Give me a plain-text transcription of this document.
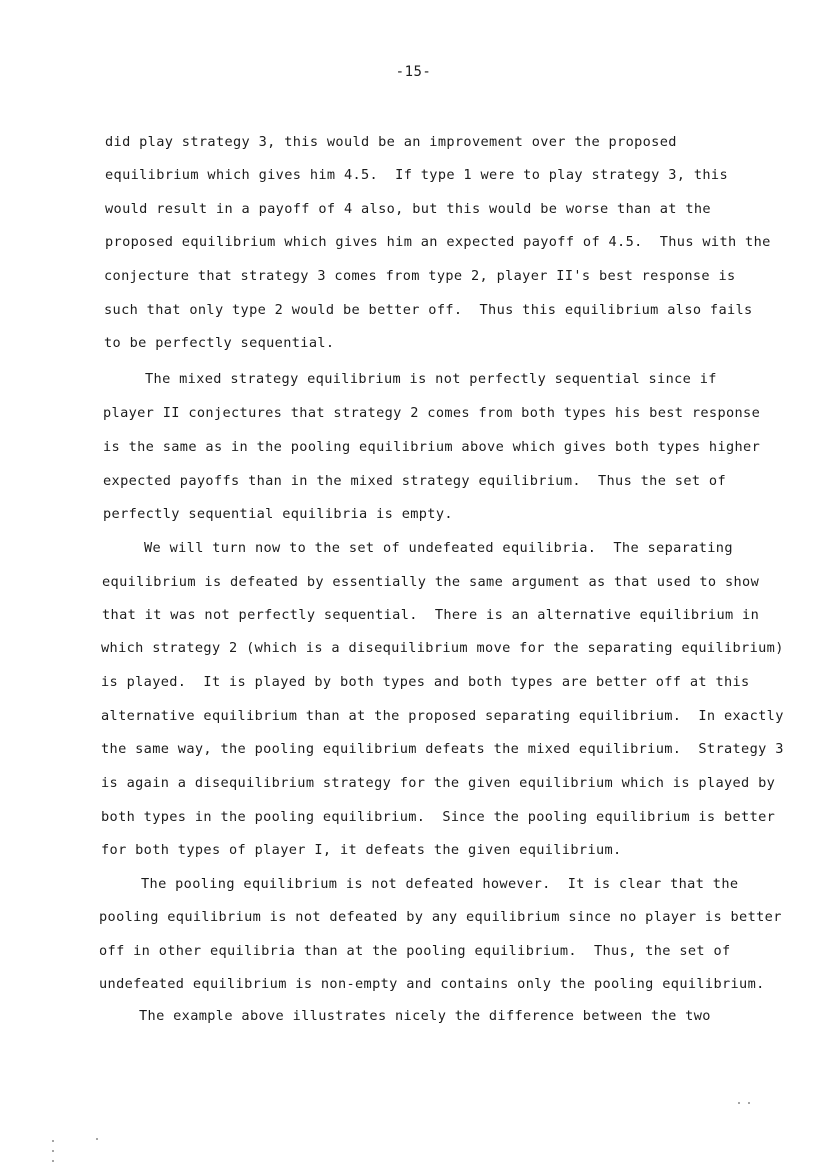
-15-
did play strategy 3, this would be an improvement over the proposed
equilibrium which gives him 4.5.  If type 1 were to play strategy 3, this
would result in a payoff of 4 also, but this would be worse than at the
proposed equilibrium which gives him an expected payoff of 4.5.  Thus with the
conjecture that strategy 3 comes from type 2, player II's best response is
such that only type 2 would be better off.  Thus this equilibrium also fails
to be perfectly sequential.
The mixed strategy equilibrium is not perfectly sequential since if
player II conjectures that strategy 2 comes from both types his best response
is the same as in the pooling equilibrium above which gives both types higher
expected payoffs than in the mixed strategy equilibrium.  Thus the set of
perfectly sequential equilibria is empty.
We will turn now to the set of undefeated equilibria.  The separating
equilibrium is defeated by essentially the same argument as that used to show
that it was not perfectly sequential.  There is an alternative equilibrium in
which strategy 2 (which is a disequilibrium move for the separating equilibrium)
is played.  It is played by both types and both types are better off at this
alternative equilibrium than at the proposed separating equilibrium.  In exactly
the same way, the pooling equilibrium defeats the mixed equilibrium.  Strategy 3
is again a disequilibrium strategy for the given equilibrium which is played by
both types in the pooling equilibrium.  Since the pooling equilibrium is better
for both types of player I, it defeats the given equilibrium.
The pooling equilibrium is not defeated however.  It is clear that the
pooling equilibrium is not defeated by any equilibrium since no player is better
off in other equilibria than at the pooling equilibrium.  Thus, the set of
undefeated equilibrium is non-empty and contains only the pooling equilibrium.
The example above illustrates nicely the difference between the two
